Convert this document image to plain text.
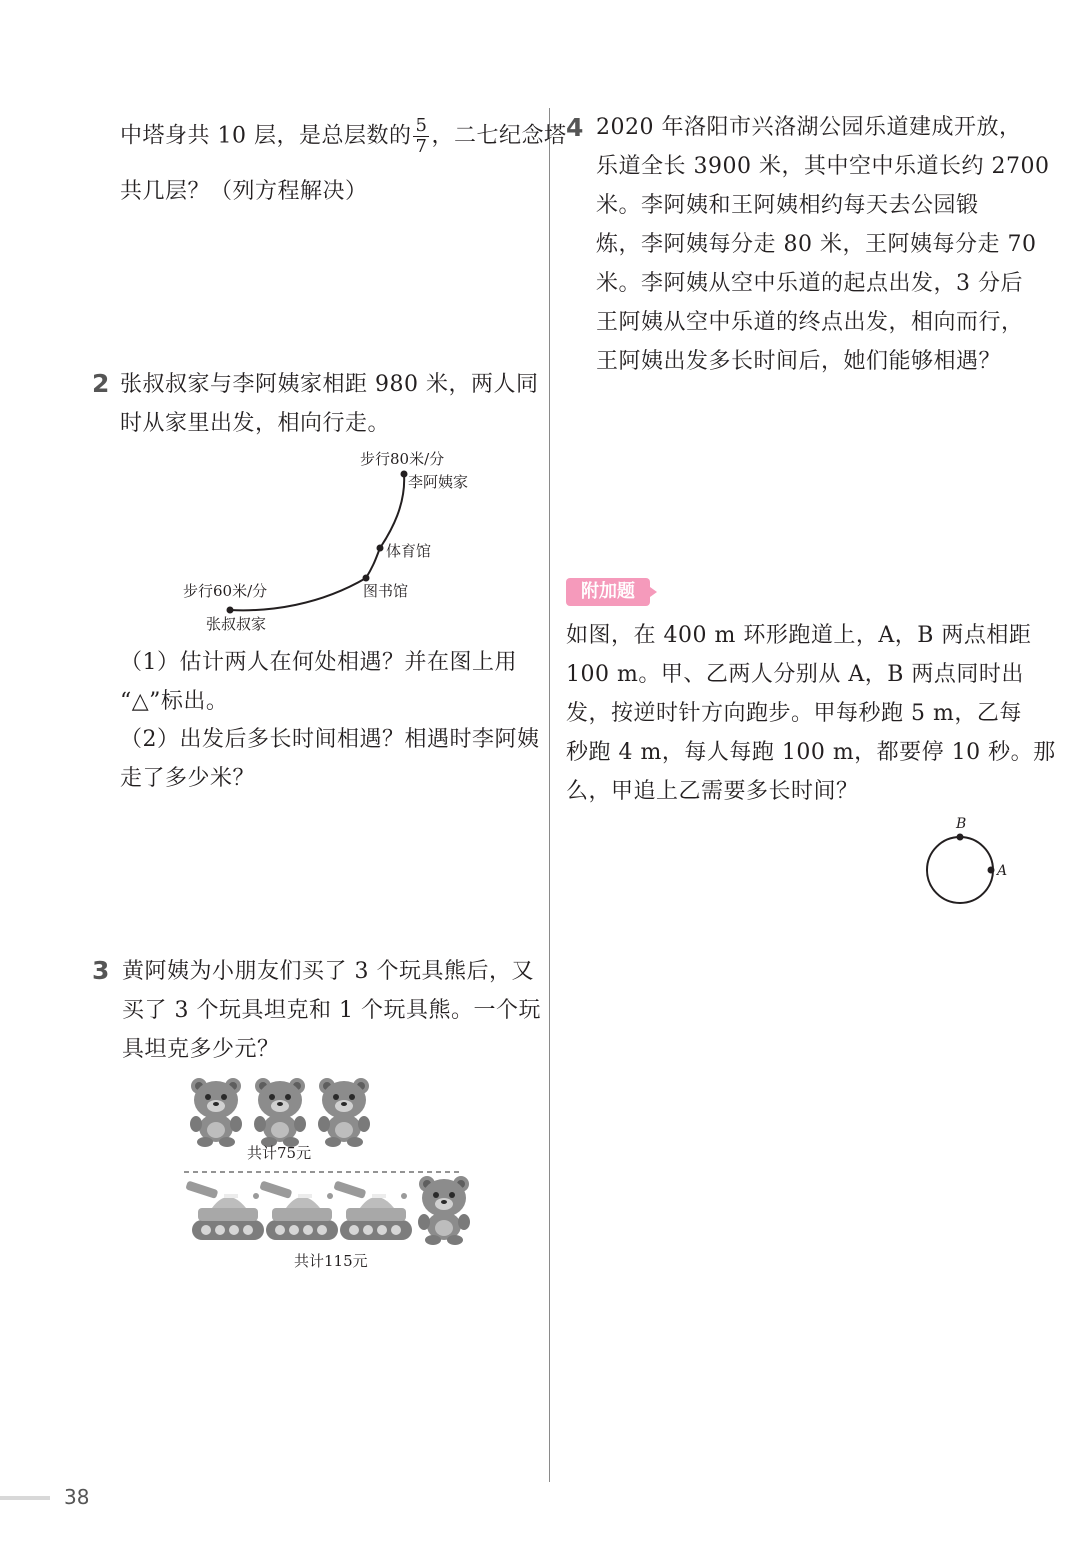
中塔身共 10 层，是总层数的 $\frac{5}{7}$ ，二七纪念塔
共几层？（列方程解决）
2 张叔叔家与李阿姨家相距 980 米，两人同
时从家里出发，相向行走。
步行80米/分
李阿姨家
体育馆
图书馆
步行60米/分
张叔叔家
（1）估计两人在何处相遇？并在图上用
“△”标出。
（2）出发后多长时间相遇？相遇时李阿姨
走了多少米？
3 黄阿姨为小朋友们买了 3 个玩具熊后，又
买了 3 个玩具坦克和 1 个玩具熊。一个玩
具坦克多少元？
共计75元
共计115元
4 2020 年洛阳市兴洛湖公园乐道建成开放，
乐道全长 3900 米，其中空中乐道长约 2700
米。李阿姨和王阿姨相约每天去公园锻
炼，李阿姨每分走 80 米，王阿姨每分走 70
米。李阿姨从空中乐道的起点出发，3 分后
王阿姨从空中乐道的终点出发，相向而行，
王阿姨出发多长时间后，她们能够相遇？
附加题
如图，在 400 m 环形跑道上，A，B 两点相距
100 m。甲、乙两人分别从 A，B 两点同时出
发，按逆时针方向跑步。甲每秒跑 5 m，乙每
秒跑 4 m，每人每跑 100 m，都要停 10 秒。那
么，甲追上乙需要多长时间？
B
A
38
